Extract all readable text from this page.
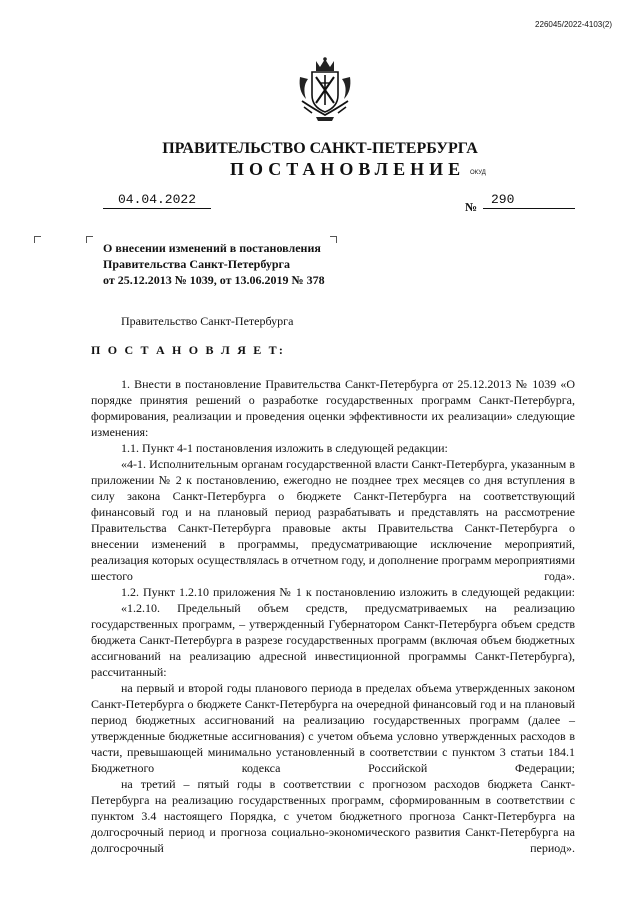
226045/2022-4103(2)
ПРАВИТЕЛЬСТВО САНКТ-ПЕТЕРБУРГА
ПОСТАНОВЛЕНИЕ ОКУД
04.04.2022	№	290
О внесении изменений в постановления
Правительства Санкт-Петербурга
от 25.12.2013 № 1039, от 13.06.2019 № 378
Правительство Санкт-Петербурга
П О С Т А Н О В Л Я Е Т:

1. Внести в постановление Правительства Санкт-Петербурга от 25.12.2013 № 1039 «О порядке принятия решений о разработке государственных программ Санкт-Петербурга, формирования, реализации и проведения оценки эффективности их реализации» следующие изменения:

1.1. Пункт 4-1 постановления изложить в следующей редакции:

«4-1. Исполнительным органам государственной власти Санкт-Петербурга, указанным в приложении № 2 к постановлению, ежегодно не позднее трех месяцев со дня вступления в силу закона Санкт-Петербурга о бюджете Санкт-Петербурга на соответствующий финансовый год и на плановый период разрабатывать и представлять на рассмотрение Правительства Санкт-Петербурга правовые акты Правительства Санкт-Петербурга о внесении изменений в программы, предусматривающие исключение мероприятий, реализация которых осуществлялась в отчетном году, и дополнение программ мероприятиями шестого года».

1.2. Пункт 1.2.10 приложения № 1 к постановлению изложить в следующей редакции:

«1.2.10. Предельный объем средств, предусматриваемых на реализацию государственных программ, – утвержденный Губернатором Санкт-Петербурга объем средств бюджета Санкт-Петербурга в разрезе государственных программ (включая объем бюджетных ассигнований на реализацию адресной инвестиционной программы Санкт-Петербурга), рассчитанный:

на первый и второй годы планового периода в пределах объема утвержденных законом Санкт-Петербурга о бюджете Санкт-Петербурга на очередной финансовый год и на плановый период бюджетных ассигнований на реализацию государственных программ (далее – утвержденные бюджетные ассигнования) с учетом объема условно утвержденных расходов в части, превышающей минимально установленный в соответствии с пунктом 3 статьи 184.1 Бюджетного кодекса Российской Федерации;

на третий – пятый годы в соответствии с прогнозом расходов бюджета Санкт-Петербурга на реализацию государственных программ, сформированным в соответствии с пунктом 3.4 настоящего Порядка, с учетом бюджетного прогноза Санкт-Петербурга на долгосрочный период и прогноза социально-экономического развития Санкт-Петербурга на долгосрочный период».
